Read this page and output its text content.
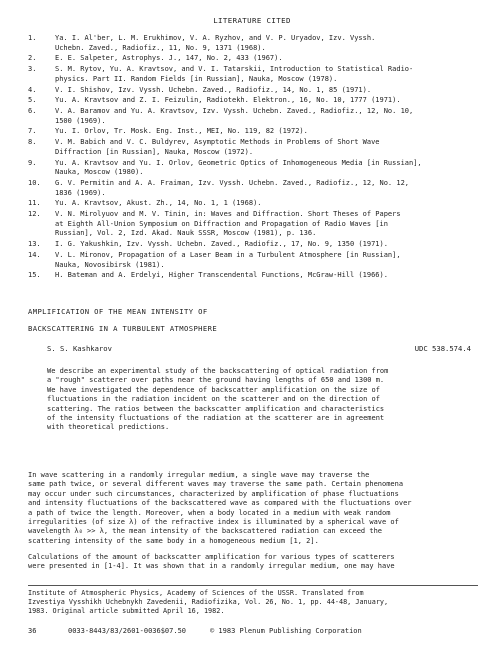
LITERATURE CITED
1.	Ya. I. Al'ber, L. M. Erukhimov, V. A. Ryzhov, and V. P. Uryadov, Izv. Vyssh.
Uchebn. Zaved., Radiofiz., 11, No. 9, 1371 (1968).
2.	E. E. Salpeter, Astrophys. J., 147, No. 2, 433 (1967).
3.	S. M. Rytov, Yu. A. Kravtsov, and V. I. Tatarskii, Introduction to Statistical Radio-
physics. Part II. Random Fields [in Russian], Nauka, Moscow (1978).
4.	V. I. Shishov, Izv. Vyssh. Uchebn. Zaved., Radiofiz., 14, No. 1, 85 (1971).
5.	Yu. A. Kravtsov and Z. I. Feizulin, Radiotekh. Elektron., 16, No. 10, 1777 (1971).
6.	V. A. Baramov and Yu. A. Kravtsov, Izv. Vyssh. Uchebn. Zaved., Radiofiz., 12, No. 10,
1500 (1969).
7.	Yu. I. Orlov, Tr. Mosk. Eng. Inst., MEI, No. 119, 82 (1972).
8.	V. M. Babich and V. C. Buldyrev, Asymptotic Methods in Problems of Short Wave
Diffraction [in Russian], Nauka, Moscow (1972).
9.	Yu. A. Kravtsov and Yu. I. Orlov, Geometric Optics of Inhomogeneous Media [in Russian],
Nauka, Moscow (1980).
10.	G. V. Permitin and A. A. Fraiman, Izv. Vyssh. Uchebn. Zaved., Radiofiz., 12, No. 12,
1836 (1969).
11.	Yu. A. Kravtsov, Akust. Zh., 14, No. 1, 1 (1968).
12.	V. N. Mirolyuov and M. V. Tinin, in: Waves and Diffraction. Short Theses of Papers
at Eighth All-Union Symposium on Diffraction and Propagation of Radio Waves [in
Russian], Vol. 2, Izd. Akad. Nauk SSSR, Moscow (1981), p. 136.
13.	I. G. Yakushkin, Izv. Vyssh. Uchebn. Zaved., Radiofiz., 17, No. 9, 1350 (1971).
14.	V. L. Mironov, Propagation of a Laser Beam in a Turbulent Atmosphere [in Russian],
Nauka, Novosibirsk (1981).
15.	H. Bateman and A. Erdelyi, Higher Transcendental Functions, McGraw-Hill (1966).
AMPLIFICATION OF THE MEAN INTENSITY OF
BACKSCATTERING IN A TURBULENT ATMOSPHERE
S. S. Kashkarov	UDC 538.574.4
We describe an experimental study of the backscattering of optical radiation from
a "rough" scatterer over paths near the ground having lengths of 650 and 1300 m.
We have investigated the dependence of backscatter amplification on the size of
fluctuations in the radiation incident on the scatterer and on the direction of
scattering. The ratios between the backscatter amplification and characteristics
of the intensity fluctuations of the radiation at the scatterer are in agreement
with theoretical predictions.
In wave scattering in a randomly irregular medium, a single wave may traverse the
same path twice, or several different waves may traverse the same path. Certain phenomena
may occur under such circumstances, characterized by amplification of phase fluctuations
and intensity fluctuations of the backscattered wave as compared with the fluctuations over
a path of twice the length. Moreover, when a body located in a medium with weak random
irregularities (of size λ) of the refractive index is illuminated by a spherical wave of
wavelength λ₀ >> λ, the mean intensity of the backscattered radiation can exceed the
scattering intensity of the same body in a homogeneous medium [1, 2].
Calculations of the amount of backscatter amplification for various types of scatterers
were presented in [1-4]. It was shown that in a randomly irregular medium, one may have
Institute of Atmospheric Physics, Academy of Sciences of the USSR. Translated from
Izvestiya Vysshikh Uchebnykh Zavedenii, Radiofizika, Vol. 26, No. 1, pp. 44-48, January,
1983. Original article submitted April 16, 1982.
36	0033-8443/83/2601-0036$07.50	© 1983 Plenum Publishing Corporation
